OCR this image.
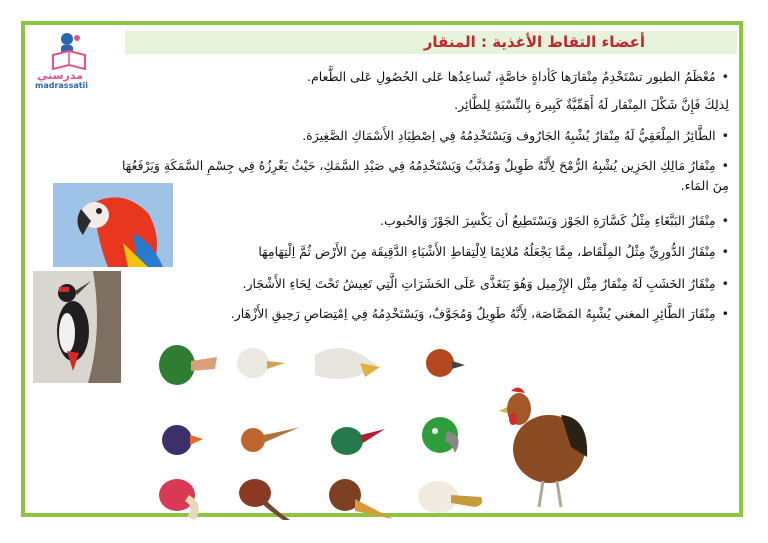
أعضاء التقاط الأغذية : المنقار
مدرستي
madrassatii
• مُعْظَمُ الطيور تسْتَخْدِمُ مِنْقارَها كَأداةٍ خاصَّةٍ، تُساعِدُها عَلى الحُصُولِ عَلى الطَّعام.
لِذلِكَ فَإِنَّ شَكْلَ المِنْقار لَهُ أَهَمِّيَّةٌ كَبِيرة بِالنِّسْبَةِ لِلطَّائِر.
• الطَّائِرُ المِلْعَقِيُّ لَهُ مِنْقارٌ يُشْبِهُ الجَارُوف وَيَسْتَخْدِمُهُ فِي اِصْطِيَادِ الأَسْمَاكِ الصَّغِيرَة.
• مِنْقارُ مَالِكِ الحَزِين يُشْبِهُ الرُّمْحَ لِأَنَّهُ طَوِيلٌ وَمُدَبَّبٌ وَيَسْتَخْدِمُهُ فِي صَيْدِ السَّمَكِ، حَيْثُ يَغْرِزُهُ فِي جِسْمِ السَّمَكَةِ وَيَرْفَعُهَا
مِنَ المَاء.
• مِنْقَارُ البَبَّغَاءِ مِثْلُ كَسَّارَةِ الجَوْز وَيَسْتَطِيعُ أن يَكْسِرَ الجَوْزَ وَالحُبوب.
• مِنْقَارُ الدُّورِيِّ مِثْلُ المِلْقَاط، مِمَّا يَجْعَلُهُ مُلائِمًا لِالْتِقاطِ الأَشْيَاءِ الدَّقِيقَة مِنَ الأَرْض ثُمَّ اِلْتِهَامِهَا
• مِنْقَارُ الخَشَبِ لَهُ مِنْقارٌ مِثْل الإِزْمِيل وَهُوَ يَتَغَذَّى عَلَى الحَشَرَاتِ الَّتِي تَعِيشُ تَحْتَ لِحَاءِ الأَشْجَار.
• مِنْقَارَ الطَّائِرِ المغني يُشْبِهُ المَصَّاصَة، لِأَنَّهُ طَوِيلٌ وَمُجَوَّفٌ، وَيَسْتَخْدِمُهُ فِي اِمْتِصَاصِ رَحِيقِ الأَزْهَار.
